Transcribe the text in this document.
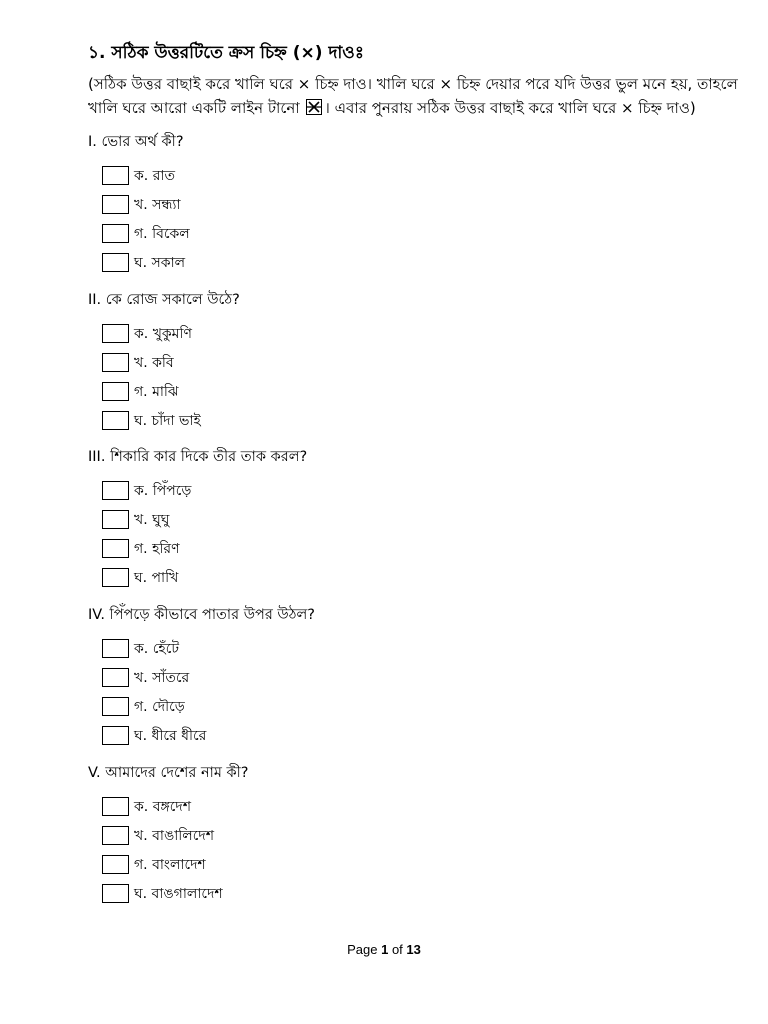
১. সঠিক উত্তরটিতে ক্রস চিহ্ন (×) দাওঃ
(সঠিক উত্তর বাছাই করে খালি ঘরে × চিহ্ন দাও। খালি ঘরে × চিহ্ন দেয়ার পরে যদি উত্তর ভুল মনে হয়, তাহলে
খালি ঘরে আরো একটি লাইন টানো ☒ । এবার পুনরায় সঠিক উত্তর বাছাই করে খালি ঘরে × চিহ্ন দাও)

I. ভোর অর্থ কী?

ক. রাত
খ. সন্ধ্যা
গ. বিকেল
ঘ. সকাল

II. কে রোজ সকালে উঠে?

ক. খুকুমণি
খ. কবি
গ. মাঝি
ঘ. চাঁদা ভাই

III. শিকারি কার দিকে তীর তাক করল?

ক. পিঁপড়ে
খ. ঘুঘু
গ. হরিণ
ঘ. পাখি

IV. পিঁপড়ে কীভাবে পাতার উপর উঠল?

ক. হেঁটে
খ. সাঁতরে
গ. দৌড়ে
ঘ. ধীরে ধীরে

V. আমাদের দেশের নাম কী?

ক. বঙ্গদেশ
খ. বাঙালিদেশ
গ. বাংলাদেশ
ঘ. বাঙগালাদেশ
Page 1 of 13
